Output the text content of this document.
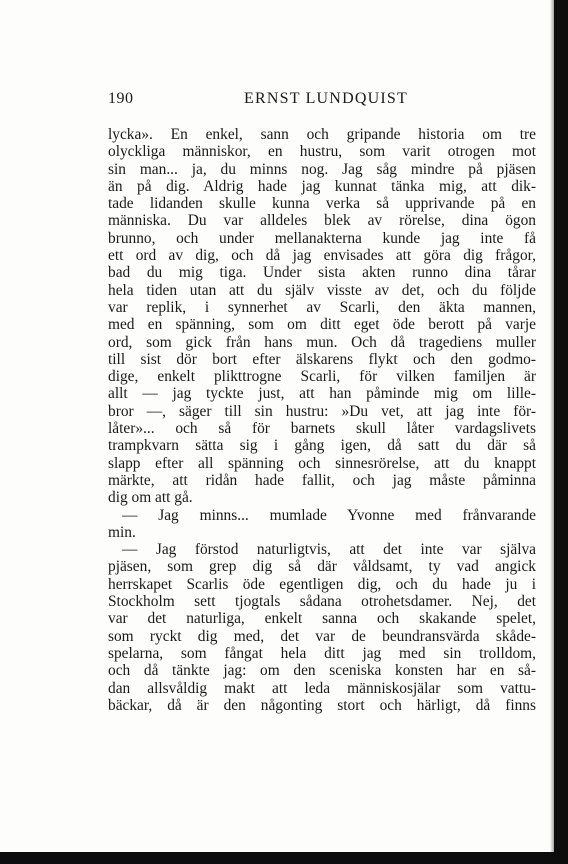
190	ERNST LUNDQUIST
lycka». En enkel, sann och gripande historia om tre
olyckliga människor, en hustru, som varit otrogen mot
sin man... ja, du minns nog. Jag såg mindre på pjäsen
än på dig. Aldrig hade jag kunnat tänka mig, att dik-
tade lidanden skulle kunna verka så upprivande på en
människa. Du var alldeles blek av rörelse, dina ögon
brunno, och under mellanakterna kunde jag inte få
ett ord av dig, och då jag envisades att göra dig frågor,
bad du mig tiga. Under sista akten runno dina tårar
hela tiden utan att du själv visste av det, och du följde
var replik, i synnerhet av Scarli, den äkta mannen,
med en spänning, som om ditt eget öde berott på varje
ord, som gick från hans mun. Och då tragediens muller
till sist dör bort efter älskarens flykt och den godmo-
dige, enkelt plikttrogne Scarli, för vilken familjen är
allt — jag tyckte just, att han påminde mig om lille-
bror —, säger till sin hustru: »Du vet, att jag inte för-
låter»... och så för barnets skull låter vardagslivets
trampkvarn sätta sig i gång igen, då satt du där så
slapp efter all spänning och sinnesrörelse, att du knappt
märkte, att ridån hade fallit, och jag måste påminna
dig om att gå.
— Jag minns... mumlade Yvonne med frånvarande
min.
— Jag förstod naturligtvis, att det inte var själva
pjäsen, som grep dig så där våldsamt, ty vad angick
herrskapet Scarlis öde egentligen dig, och du hade ju i
Stockholm sett tjogtals sådana otrohetsdamer. Nej, det
var det naturliga, enkelt sanna och skakande spelet,
som ryckt dig med, det var de beundransvärda skåde-
spelarna, som fångat hela ditt jag med sin trolldom,
och då tänkte jag: om den sceniska konsten har en så-
dan allsvåldig makt att leda människosjälar som vattu-
bäckar, då är den någonting stort och härligt, då finns
